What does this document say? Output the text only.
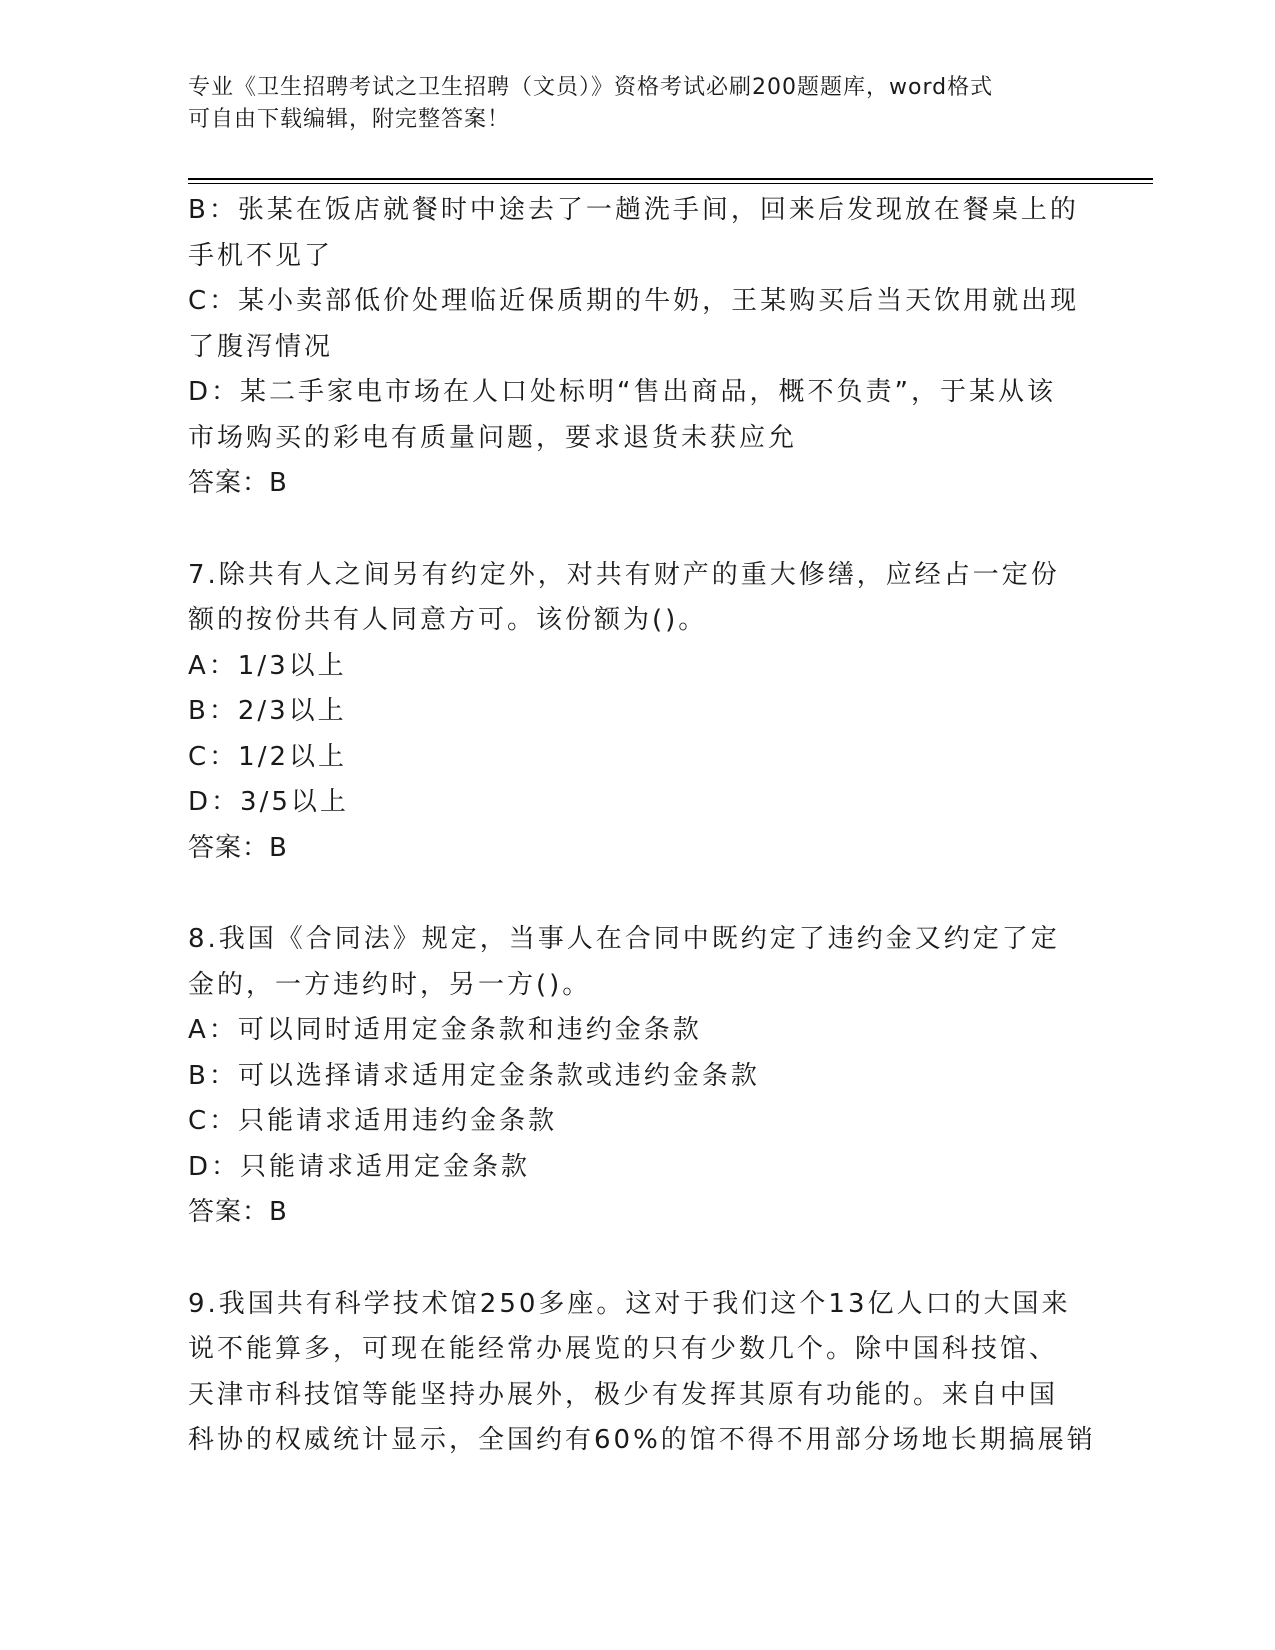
专业《卫生招聘考试之卫生招聘（文员）》资格考试必刷200题题库，word格式
可自由下载编辑，附完整答案！
B：张某在饭店就餐时中途去了一趟洗手间，回来后发现放在餐桌上的
手机不见了
C：某小卖部低价处理临近保质期的牛奶，王某购买后当天饮用就出现
了腹泻情况
D：某二手家电市场在人口处标明“售出商品，概不负责”，于某从该
市场购买的彩电有质量问题，要求退货未获应允
答案：B
7.除共有人之间另有约定外，对共有财产的重大修缮，应经占一定份
额的按份共有人同意方可。该份额为()。
A：1/3以上
B：2/3以上
C：1/2以上
D：3/5以上
答案：B
8.我国《合同法》规定，当事人在合同中既约定了违约金又约定了定
金的，一方违约时，另一方()。
A：可以同时适用定金条款和违约金条款
B：可以选择请求适用定金条款或违约金条款
C：只能请求适用违约金条款
D：只能请求适用定金条款
答案：B
9.我国共有科学技术馆250多座。这对于我们这个13亿人口的大国来
说不能算多，可现在能经常办展览的只有少数几个。除中国科技馆、
天津市科技馆等能坚持办展外，极少有发挥其原有功能的。来自中国
科协的权威统计显示，全国约有60%的馆不得不用部分场地长期搞展销
